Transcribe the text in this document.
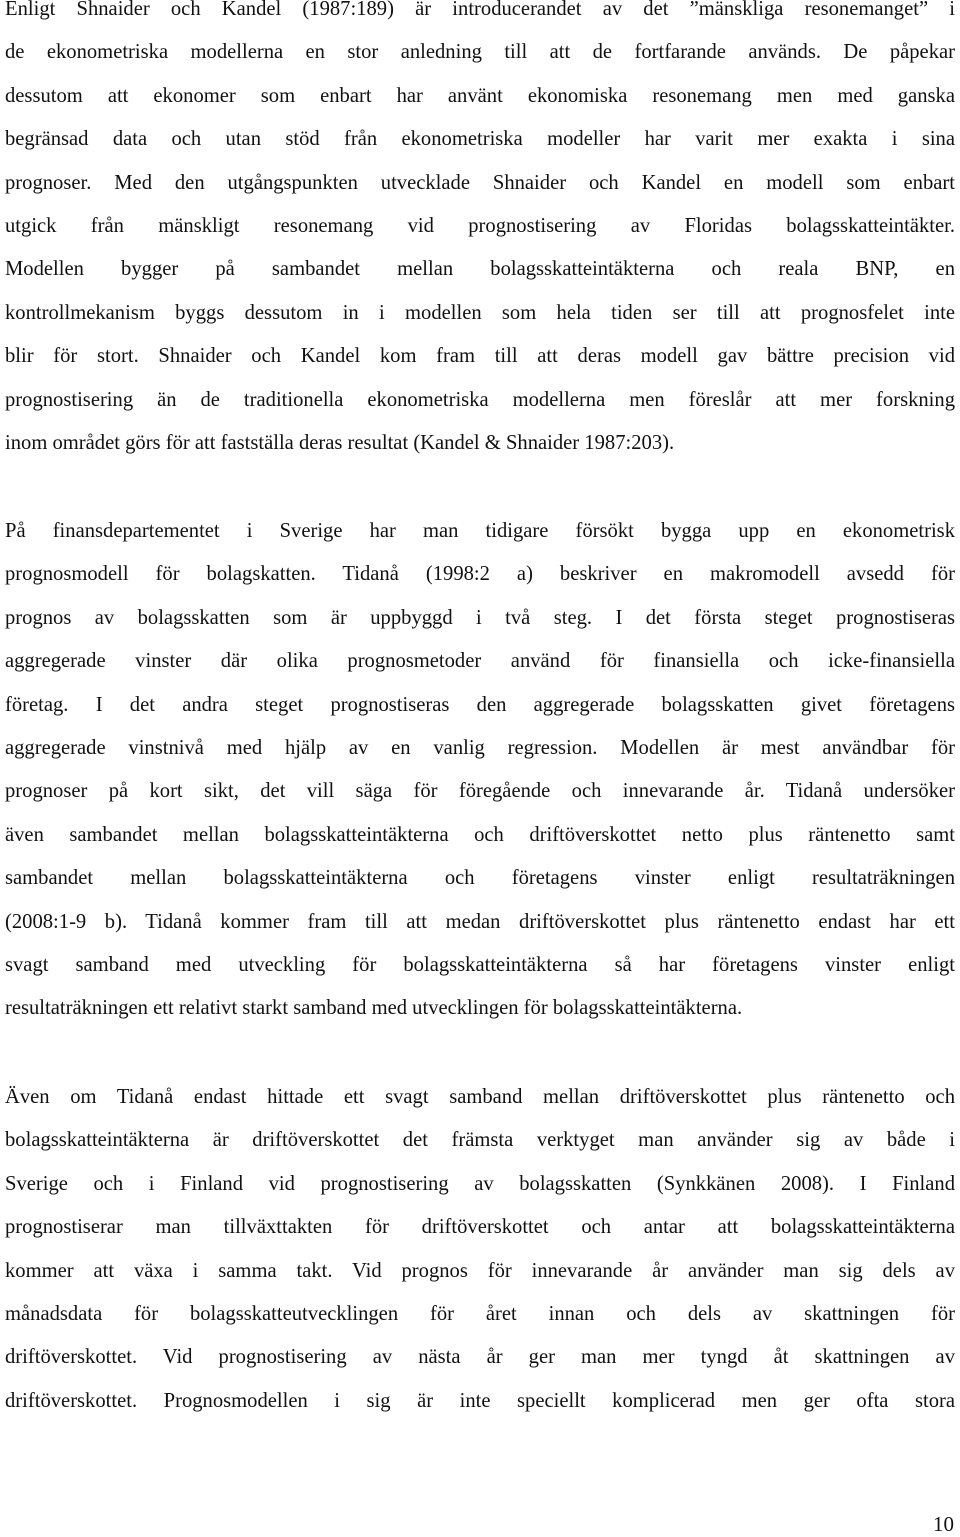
Enligt Shnaider och Kandel (1987:189) är introducerandet av det ”mänskliga resonemanget” i
de ekonometriska modellerna en stor anledning till att de fortfarande används. De påpekar
dessutom att ekonomer som enbart har använt ekonomiska resonemang men med ganska
begränsad data och utan stöd från ekonometriska modeller har varit mer exakta i sina
prognoser. Med den utgångspunkten utvecklade Shnaider och Kandel en modell som enbart
utgick från mänskligt resonemang vid prognostisering av Floridas bolagsskatteintäkter.
Modellen bygger på sambandet mellan bolagsskatteintäkterna och reala BNP, en
kontrollmekanism byggs dessutom in i modellen som hela tiden ser till att prognosfelet inte
blir för stort. Shnaider och Kandel kom fram till att deras modell gav bättre precision vid
prognostisering än de traditionella ekonometriska modellerna men föreslår att mer forskning
inom området görs för att fastställa deras resultat (Kandel & Shnaider 1987:203).

På finansdepartementet i Sverige har man tidigare försökt bygga upp en ekonometrisk
prognosmodell för bolagskatten. Tidanå (1998:2 a) beskriver en makromodell avsedd för
prognos av bolagsskatten som är uppbyggd i två steg. I det första steget prognostiseras
aggregerade vinster där olika prognosmetoder använd för finansiella och icke-finansiella
företag. I det andra steget prognostiseras den aggregerade bolagsskatten givet företagens
aggregerade vinstnivå med hjälp av en vanlig regression. Modellen är mest användbar för
prognoser på kort sikt, det vill säga för föregående och innevarande år. Tidanå undersöker
även sambandet mellan bolagsskatteintäkterna och driftöverskottet netto plus räntenetto samt
sambandet mellan bolagsskatteintäkterna och företagens vinster enligt resultaträkningen
(2008:1-9 b). Tidanå kommer fram till att medan driftöverskottet plus räntenetto endast har ett
svagt samband med utveckling för bolagsskatteintäkterna så har företagens vinster enligt
resultaträkningen ett relativt starkt samband med utvecklingen för bolagsskatteintäkterna.

Även om Tidanå endast hittade ett svagt samband mellan driftöverskottet plus räntenetto och
bolagsskatteintäkterna är driftöverskottet det främsta verktyget man använder sig av både i
Sverige och i Finland vid prognostisering av bolagsskatten (Synkkänen 2008). I Finland
prognostiserar man tillväxttakten för driftöverskottet och antar att bolagsskatteintäkterna
kommer att växa i samma takt. Vid prognos för innevarande år använder man sig dels av
månadsdata för bolagsskatteutvecklingen för året innan och dels av skattningen för
driftöverskottet. Vid prognostisering av nästa år ger man mer tyngd åt skattningen av
driftöverskottet. Prognosmodellen i sig är inte speciellt komplicerad men ger ofta stora

10
